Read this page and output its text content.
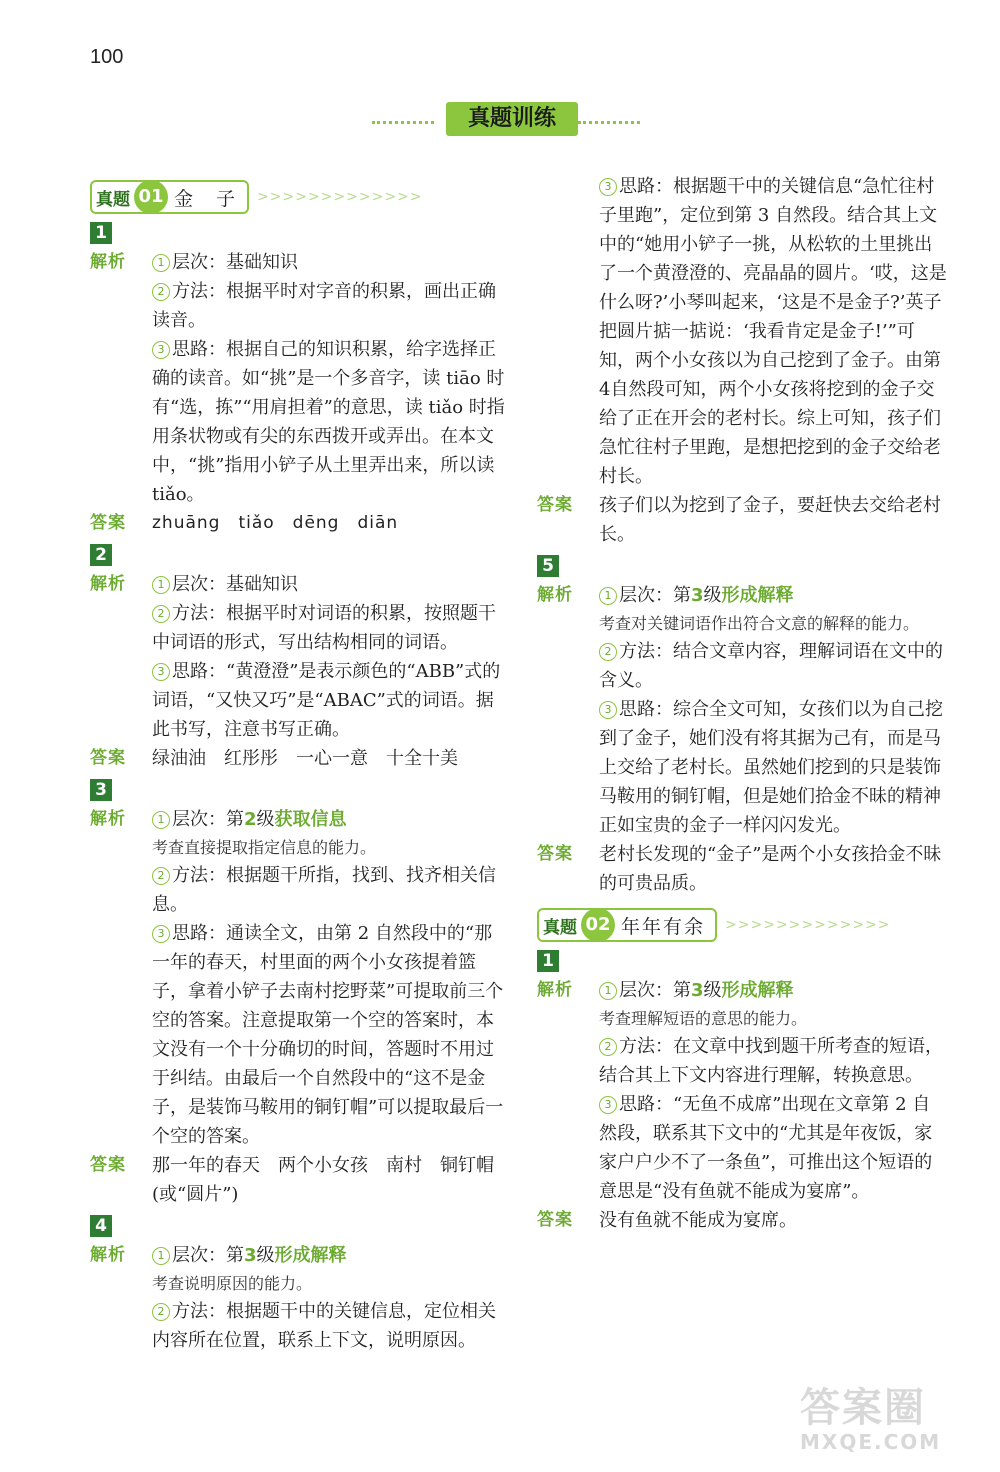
100
真题训练
真题 01 金　子 >>>>>>>>>>>>>
1
解析	1 层次：基础知识

2 方法：根据平时对字音的积累，画出正确读音。

3 思路：根据自己的知识积累，给字选择正确的读音。如“挑”是一个多音字，读 tiāo 时有“选，拣”“用肩担着”的意思，读 tiǎo 时指用条状物或有尖的东西拨开或弄出。在本文中，“挑”指用小铲子从土里弄出来，所以读 tiǎo。

答案	zhuāng　tiǎo　dēng　diān
2
解析	1 层次：基础知识

2 方法：根据平时对词语的积累，按照题干中词语的形式，写出结构相同的词语。

3 思路：“黄澄澄”是表示颜色的“ABB”式的词语，“又快又巧”是“ABAC”式的词语。据此书写，注意书写正确。

答案	绿油油　红彤彤　一心一意　十全十美
3
解析	1 层次：第2级获取信息

考查直接提取指定信息的能力。

2 方法：根据题干所指，找到、找齐相关信息。

3 思路：通读全文，由第 2 自然段中的“那一年的春天，村里面的两个小女孩提着篮子，拿着小铲子去南村挖野菜”可提取前三个空的答案。注意提取第一个空的答案时，本文没有一个十分确切的时间，答题时不用过于纠结。由最后一个自然段中的“这不是金子，是装饰马鞍用的铜钉帽”可以提取最后一个空的答案。

答案	那一年的春天　两个小女孩　南村　铜钉帽(或“圆片”)
4
解析	1 层次：第3级形成解释

考查说明原因的能力。

2 方法：根据题干中的关键信息，定位相关内容所在位置，联系上下文，说明原因。

3 思路：根据题干中的关键信息“急忙往村子里跑”，定位到第 3 自然段。结合其上文中的“她用小铲子一挑，从松软的土里挑出了一个黄澄澄的、亮晶晶的圆片。‘哎，这是什么呀?’小琴叫起来，‘这是不是金子?’英子把圆片掂一掂说：‘我看肯定是金子!’”可知，两个小女孩以为自己挖到了金子。由第4自然段可知，两个小女孩将挖到的金子交给了正在开会的老村长。综上可知，孩子们急忙往村子里跑，是想把挖到的金子交给老村长。

答案	孩子们以为挖到了金子，要赶快去交给老村长。
5
解析	1 层次：第3级形成解释

考查对关键词语作出符合文意的解释的能力。

2 方法：结合文章内容，理解词语在文中的含义。

3 思路：综合全文可知，女孩们以为自己挖到了金子，她们没有将其据为己有，而是马上交给了老村长。虽然她们挖到的只是装饰马鞍用的铜钉帽，但是她们拾金不昧的精神正如宝贵的金子一样闪闪发光。

答案	老村长发现的“金子”是两个小女孩拾金不昧的可贵品质。
真题 02 年年有余 >>>>>>>>>>>>>
1
解析	1 层次：第3级形成解释

考查理解短语的意思的能力。

2 方法：在文章中找到题干所考查的短语，结合其上下文内容进行理解，转换意思。

3 思路：“无鱼不成席”出现在文章第 2 自然段，联系其下文中的“尤其是年夜饭，家家户户少不了一条鱼”，可推出这个短语的意思是“没有鱼就不能成为宴席”。

答案	没有鱼就不能成为宴席。
答案圈
MXQE.COM
